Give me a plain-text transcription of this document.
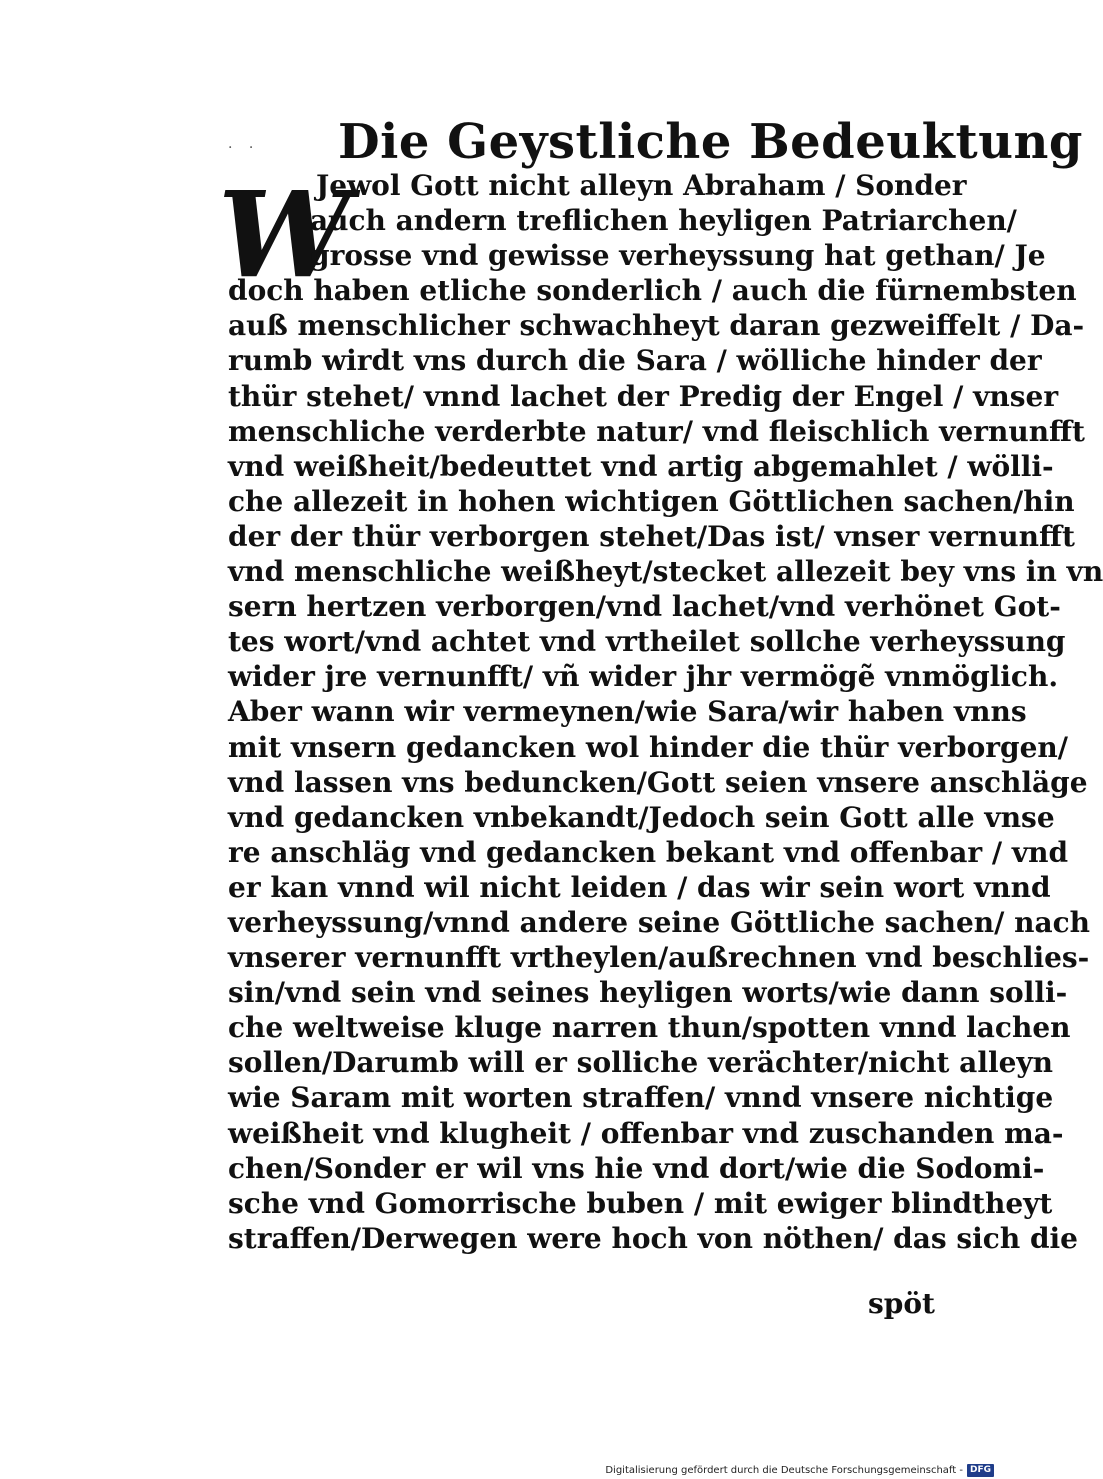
· · Die Geystliche Bedeuktung
W
Jewol Gott nicht alleyn Abraham / Sonder
auch andern treflichen heyligen Patriarchen/
grosse vnd gewisse verheyssung hat gethan/ Je
doch haben etliche sonderlich / auch die fürnembsten
auß menschlicher schwachheyt daran gezweiffelt / Da-
rumb wirdt vns durch die Sara / wölliche hinder der
thür stehet/ vnnd lachet der Predig der Engel / vnser
menschliche verderbte natur/ vnd fleischlich vernunfft
vnd weißheit/bedeuttet vnd artig abgemahlet / wölli-
che allezeit in hohen wichtigen Göttlichen sachen/hin
der der thür verborgen stehet/Das ist/ vnser vernunfft
vnd menschliche weißheyt/stecket allezeit bey vns in vn
sern hertzen verborgen/vnd lachet/vnd verhönet Got-
tes wort/vnd achtet vnd vrtheilet sollche verheyssung
wider jre vernunfft/ vñ wider jhr vermögẽ vnmöglich.
Aber wann wir vermeynen/wie Sara/wir haben vnns
mit vnsern gedancken wol hinder die thür verborgen/
vnd lassen vns beduncken/Gott seien vnsere anschläge
vnd gedancken vnbekandt/Jedoch sein Gott alle vnse
re anschläg vnd gedancken bekant vnd offenbar / vnd
er kan vnnd wil nicht leiden / das wir sein wort vnnd
verheyssung/vnnd andere seine Göttliche sachen/ nach
vnserer vernunfft vrtheylen/außrechnen vnd beschlies-
sin/vnd sein vnd seines heyligen worts/wie dann solli-
che weltweise kluge narren thun/spotten vnnd lachen
sollen/Darumb will er solliche verächter/nicht alleyn
wie Saram mit worten straffen/ vnnd vnsere nichtige
weißheit vnd klugheit / offenbar vnd zuschanden ma-
chen/Sonder er wil vns hie vnd dort/wie die Sodomi-
sche vnd Gomorrische buben / mit ewiger blindtheyt
straffen/Derwegen were hoch von nöthen/ das sich die
spöt
Digitalisierung gefördert durch die Deutsche Forschungsgemeinschaft - DFG
